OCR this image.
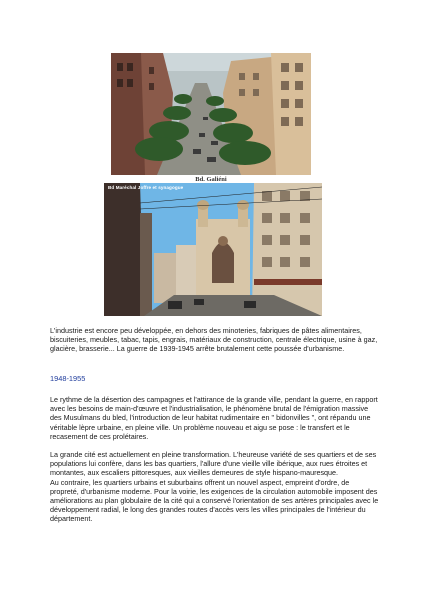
Bd. Galiéni
Bd Maréchal Joffre et synagogue

L'industrie est encore peu développée, en dehors des minoteries, fabriques de pâtes alimentaires, biscuiteries, meubles, tabac, tapis, engrais, matériaux de construction, centrale électrique, usine à gaz, glacière, brasserie... La guerre de 1939-1945 arrête brutalement cette poussée d'urbanisme.

1948-1955

Le rythme de la désertion des campagnes et l'attirance de la grande ville, pendant la guerre, en rapport avec les besoins de main-d'œuvre et l'industrialisation, le phénomène brutal de l'émigration massive des Musulmans du bled, l'introduction de leur habitat rudimentaire en " bidonvilles ", ont répandu une véritable lèpre urbaine, en pleine ville. Un problème nouveau et aigu se pose : le transfert et le recasement de ces prolétaires.

La grande cité est actuellement en pleine transformation. L'heureuse variété de ses quartiers et de ses populations lui confère, dans les bas quartiers, l'allure d'une vieille ville ibérique, aux rues étroites et montantes, aux escaliers pittoresques, aux vieilles demeures de style hispano-mauresque.

Au contraire, les quartiers urbains et suburbains offrent un nouvel aspect, empreint d'ordre, de propreté, d'urbanisme moderne. Pour la voirie, les exigences de la circulation automobile imposent des améliorations au plan globulaire de la cité qui a conservé l'orientation de ses artères principales avec le développement radial, le long des grandes routes d'accès vers les villes principales de l'intérieur du département.
